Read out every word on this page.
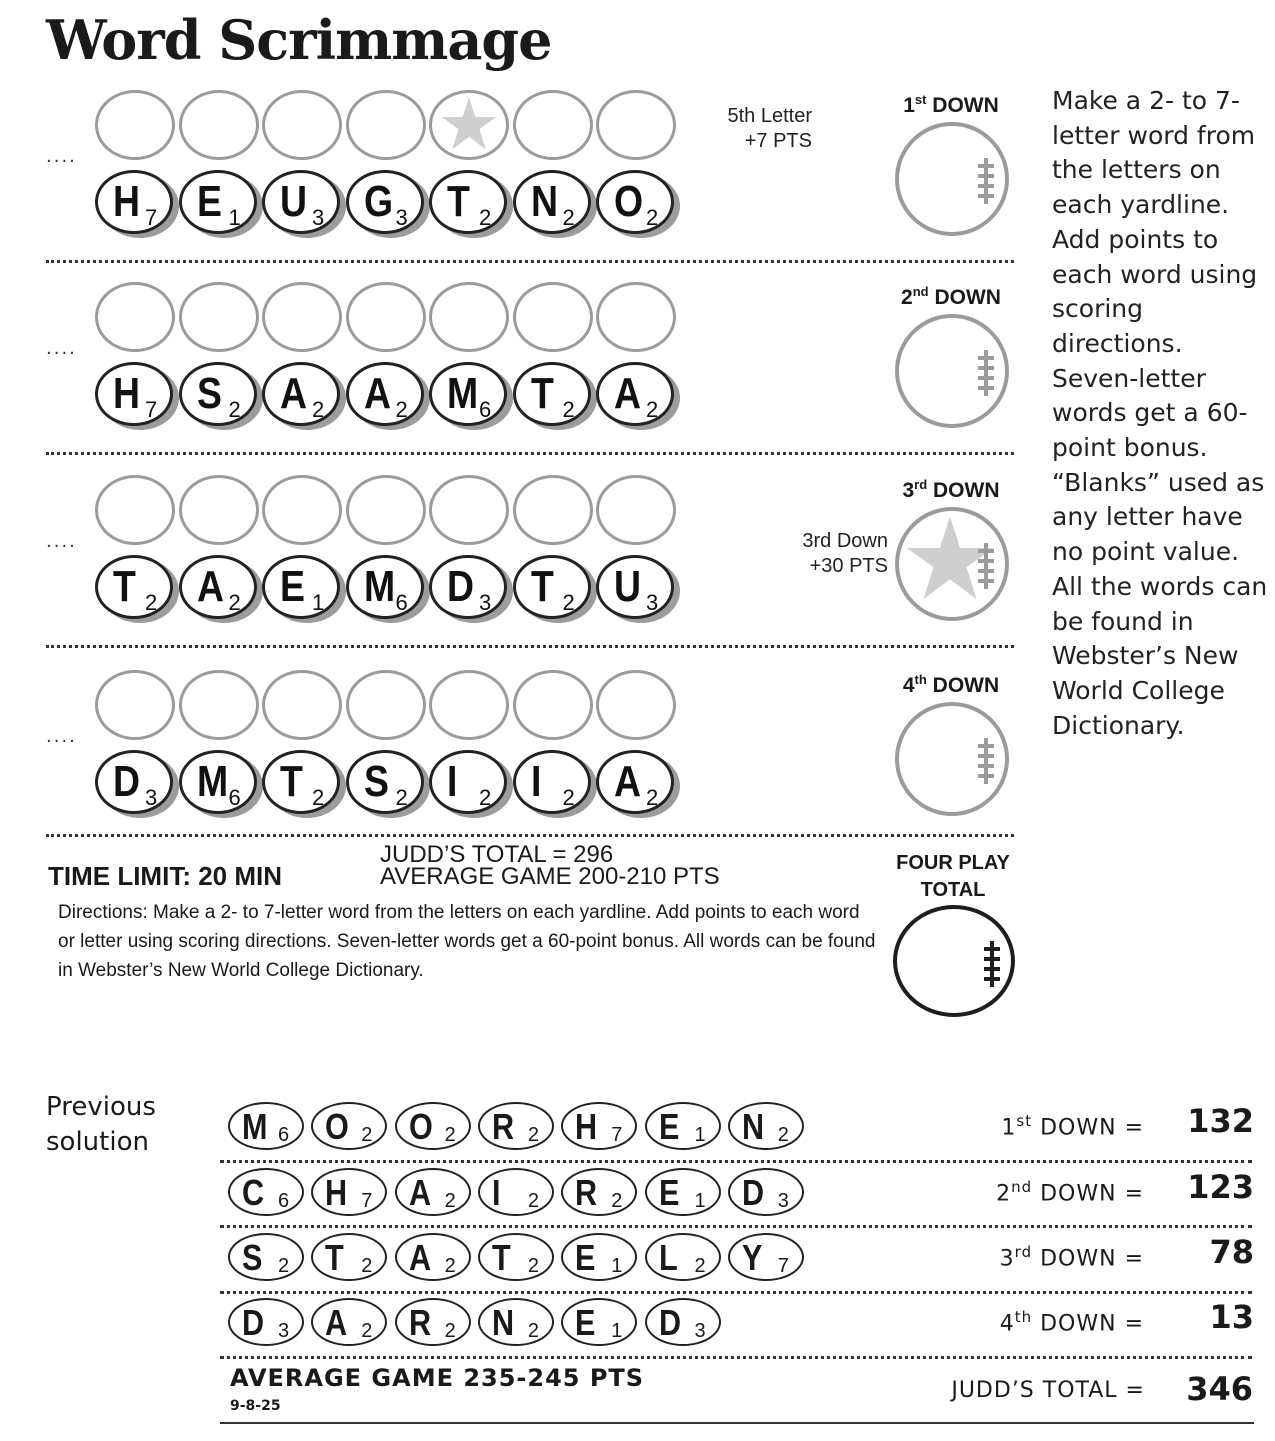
Word Scrimmage
....
H 7 E 1 U 3 G 3 T 2 N 2 O 2
5th Letter
+7 PTS
1st DOWN
....
H 7 S 2 A 2 A 2 M 6 T 2 A 2
2nd DOWN
....
T 2 A 2 E 1 M 6 D 3 T 2 U 3
3rd Down
+30 PTS
3rd DOWN
....
D 3 M 6 T 2 S 2 I 2 I 2 A 2
4th DOWN
TIME LIMIT: 20 MIN
JUDD’S TOTAL = 296
AVERAGE GAME 200-210 PTS
Directions: Make a 2- to 7-letter word from the letters on each yardline. Add points to each word or letter using scoring directions. Seven-letter words get a 60-point bonus. All words can be found in Webster’s New World College Dictionary.
FOUR PLAY
TOTAL
Make a 2- to 7-letter word from the letters on each yardline. Add points to each word using scoring directions. Seven-letter words get a 60-point bonus. “Blanks” used as any letter have no point value. All the words can be found in Webster’s New World College Dictionary.
Previous
solution	M 6 O 2 O 2 R 2 H 7 E 1 N 2	1st DOWN = 132
C 6 H 7 A 2 I 2 R 2 E 1 D 3	2nd DOWN = 123
S 2 T 2 A 2 T 2 E 1 L 2 Y 7	3rd DOWN = 78
D 3 A 2 R 2 N 2 E 1 D 3	4th DOWN = 13
AVERAGE GAME 235-245 PTS
9-8-25
JUDD’S TOTAL = 346
